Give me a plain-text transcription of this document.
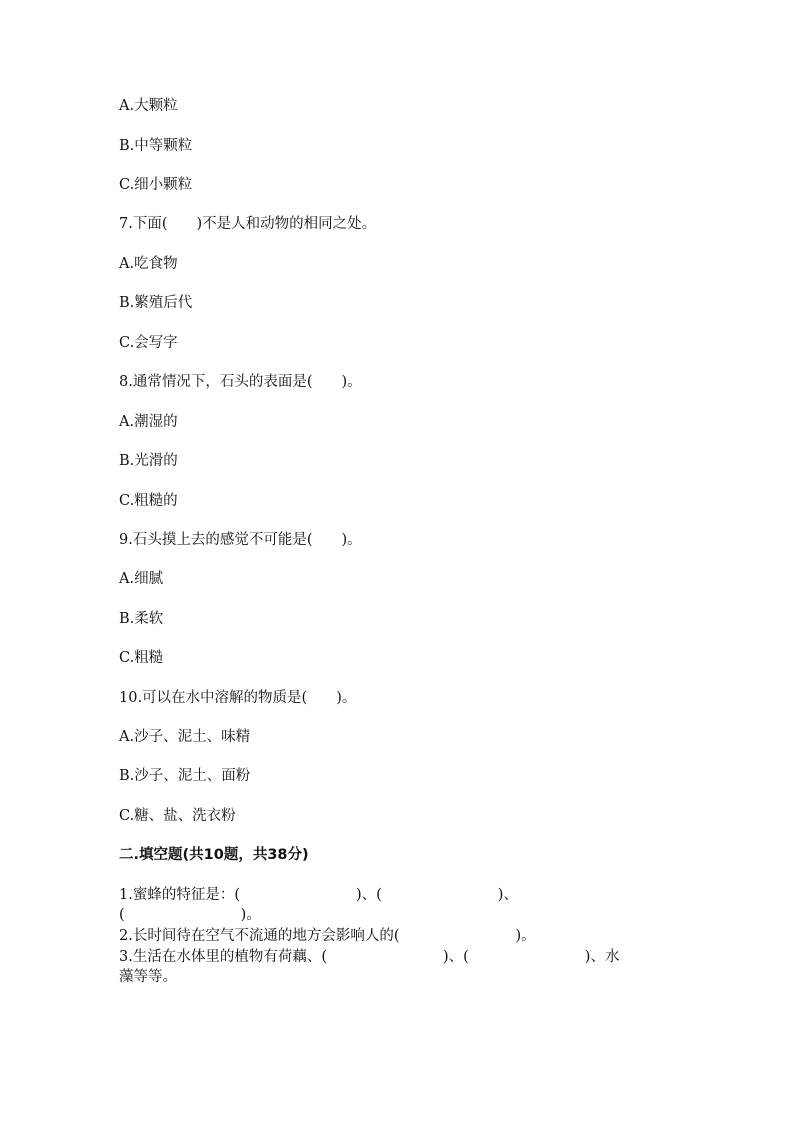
A.大颗粒
B.中等颗粒
C.细小颗粒
7.下面(　　)不是人和动物的相同之处。
A.吃食物
B.繁殖后代
C.会写字
8.通常情况下，石头的表面是(　　)。
A.潮湿的
B.光滑的
C.粗糙的
9.石头摸上去的感觉不可能是(　　)。
A.细腻
B.柔软
C.粗糙
10.可以在水中溶解的物质是(　　)。
A.沙子、泥土、味精
B.沙子、泥土、面粉
C.糖、盐、洗衣粉
二.填空题(共10题，共38分)
1.蜜蜂的特征是：(　　　　　　　　)、(　　　　　　　　)、
(　　　　　　　　)。
2.长时间待在空气不流通的地方会影响人的(　　　　　　　　)。
3.生活在水体里的植物有荷藕、(　　　　　　　　)、(　　　　　　　　)、水
藻等等。
